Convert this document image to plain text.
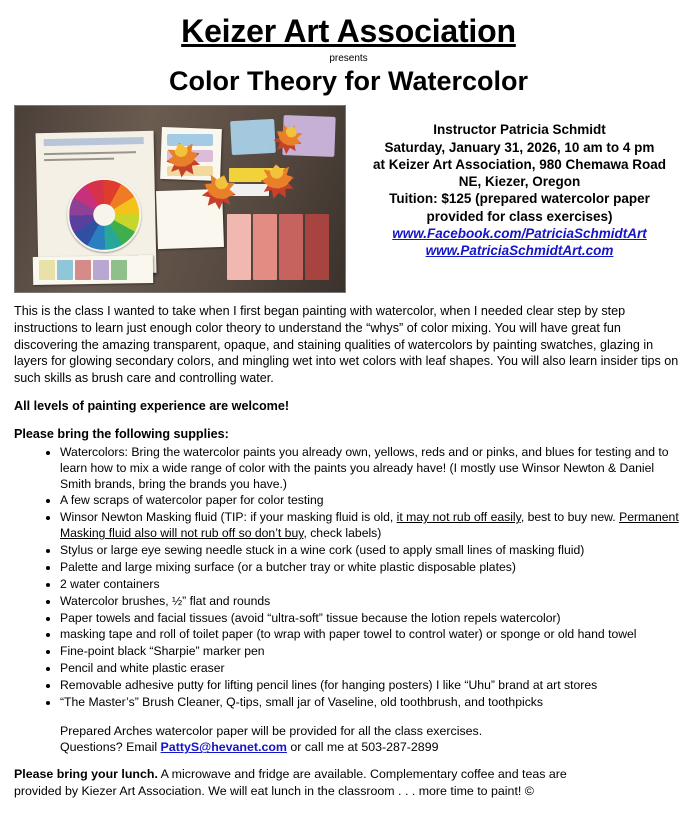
Keizer Art Association
presents
Color Theory for Watercolor
Instructor Patricia Schmidt
Saturday, January 31, 2026, 10 am to 4 pm
at Keizer Art Association, 980 Chemawa Road
NE, Kiezer, Oregon
Tuition: $125 (prepared watercolor paper
provided for class exercises)
www.Facebook.com/PatriciaSchmidtArt
www.PatriciaSchmidtArt.com
This is the class I wanted to take when I first began painting with watercolor, when I needed clear step by step instructions to learn just enough color theory to understand the “whys” of color mixing. You will have great fun discovering the amazing transparent, opaque, and staining qualities of watercolors by painting swatches, glazing in layers for glowing secondary colors, and mingling wet into wet colors with leaf shapes. You will also learn insider tips on such skills as brush care and controlling water.
All levels of painting experience are welcome!
Please bring the following supplies:
• Watercolors: Bring the watercolor paints you already own, yellows, reds and or pinks, and blues for testing and to learn how to mix a wide range of color with the paints you already have! (I mostly use Winsor Newton & Daniel Smith brands, bring the brands you have.)
• A few scraps of watercolor paper for color testing
• Winsor Newton Masking fluid (TIP: if your masking fluid is old, it may not rub off easily, best to buy new. Permanent Masking fluid also will not rub off so don’t buy, check labels)
• Stylus or large eye sewing needle stuck in a wine cork (used to apply small lines of masking fluid)
• Palette and large mixing surface (or a butcher tray or white plastic disposable plates)
• 2 water containers
• Watercolor brushes, ½” flat and rounds
• Paper towels and facial tissues (avoid “ultra-soft” tissue because the lotion repels watercolor)
• masking tape and roll of toilet paper (to wrap with paper towel to control water) or sponge or old hand towel
• Fine-point black “Sharpie” marker pen
• Pencil and white plastic eraser
• Removable adhesive putty for lifting pencil lines (for hanging posters) I like “Uhu” brand at art stores
• “The Master’s” Brush Cleaner, Q-tips, small jar of Vaseline, old toothbrush, and toothpicks
Prepared Arches watercolor paper will be provided for all the class exercises.
Questions? Email PattyS@hevanet.com or call me at 503-287-2899
Please bring your lunch. A microwave and fridge are available. Complementary coffee and teas are
provided by Kiezer Art Association. We will eat lunch in the classroom . . . more time to paint! ©
